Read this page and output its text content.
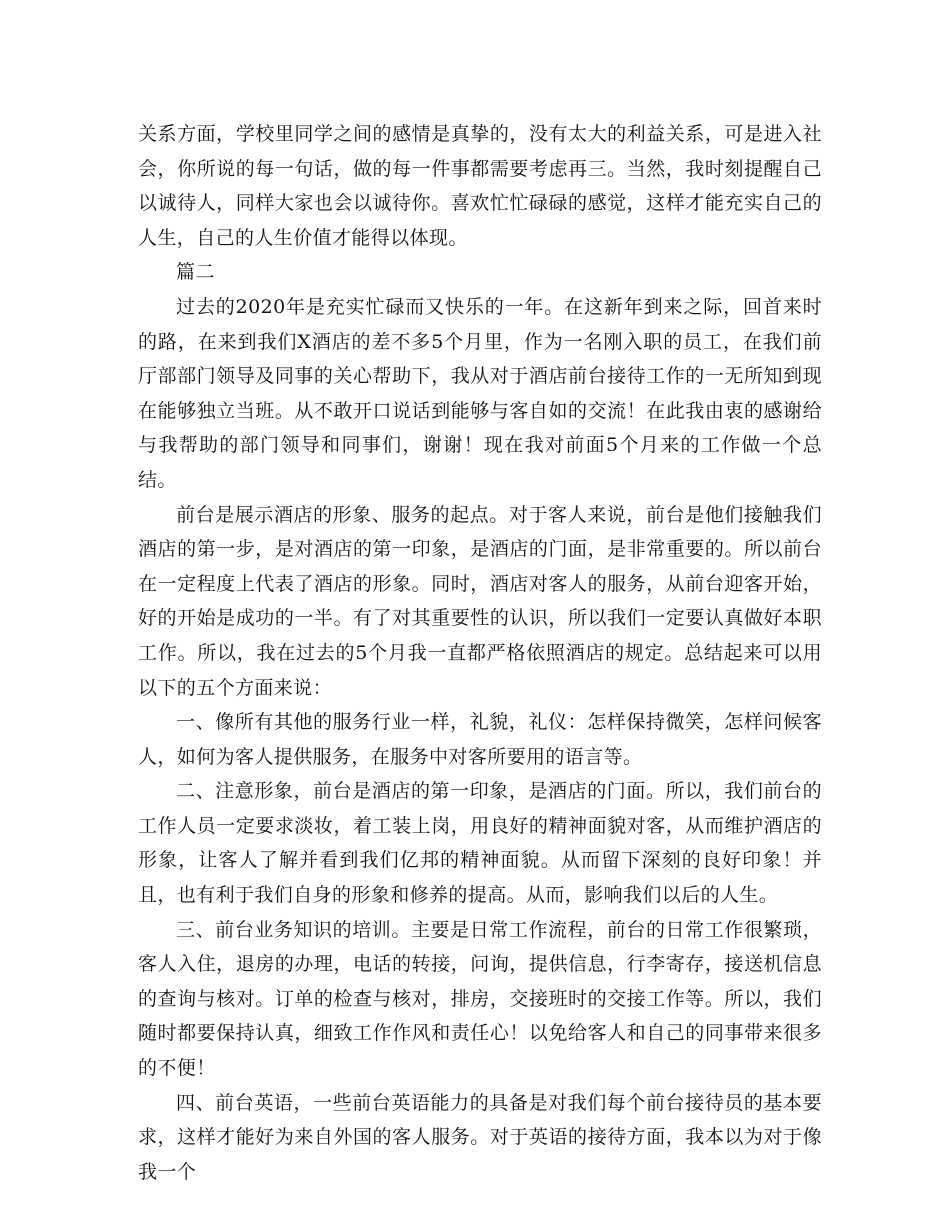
关系方面，学校里同学之间的感情是真挚的，没有太大的利益关系，可是进入社会，你所说的每一句话，做的每一件事都需要考虑再三。当然，我时刻提醒自己以诚待人，同样大家也会以诚待你。喜欢忙忙碌碌的感觉，这样才能充实自己的人生，自己的人生价值才能得以体现。

篇二

过去的2020年是充实忙碌而又快乐的一年。在这新年到来之际，回首来时的路，在来到我们X酒店的差不多5个月里，作为一名刚入职的员工，在我们前厅部部门领导及同事的关心帮助下，我从对于酒店前台接待工作的一无所知到现在能够独立当班。从不敢开口说话到能够与客自如的交流！在此我由衷的感谢给与我帮助的部门领导和同事们，谢谢！现在我对前面5个月来的工作做一个总结。

前台是展示酒店的形象、服务的起点。对于客人来说，前台是他们接触我们酒店的第一步，是对酒店的第一印象，是酒店的门面，是非常重要的。所以前台在一定程度上代表了酒店的形象。同时，酒店对客人的服务，从前台迎客开始，好的开始是成功的一半。有了对其重要性的认识，所以我们一定要认真做好本职工作。所以，我在过去的5个月我一直都严格依照酒店的规定。总结起来可以用以下的五个方面来说：

一、像所有其他的服务行业一样，礼貌，礼仪：怎样保持微笑，怎样问候客人，如何为客人提供服务，在服务中对客所要用的语言等。

二、注意形象，前台是酒店的第一印象，是酒店的门面。所以，我们前台的工作人员一定要求淡妆，着工装上岗，用良好的精神面貌对客，从而维护酒店的形象，让客人了解并看到我们亿邦的精神面貌。从而留下深刻的良好印象！并且，也有利于我们自身的形象和修养的提高。从而，影响我们以后的人生。

三、前台业务知识的培训。主要是日常工作流程，前台的日常工作很繁琐，客人入住，退房的办理，电话的转接，问询，提供信息，行李寄存，接送机信息的查询与核对。订单的检查与核对，排房，交接班时的交接工作等。所以，我们随时都要保持认真，细致工作作风和责任心！以免给客人和自己的同事带来很多的不便！

四、前台英语，一些前台英语能力的具备是对我们每个前台接待员的基本要求，这样才能好为来自外国的客人服务。对于英语的接待方面，我本以为对于像我一个
